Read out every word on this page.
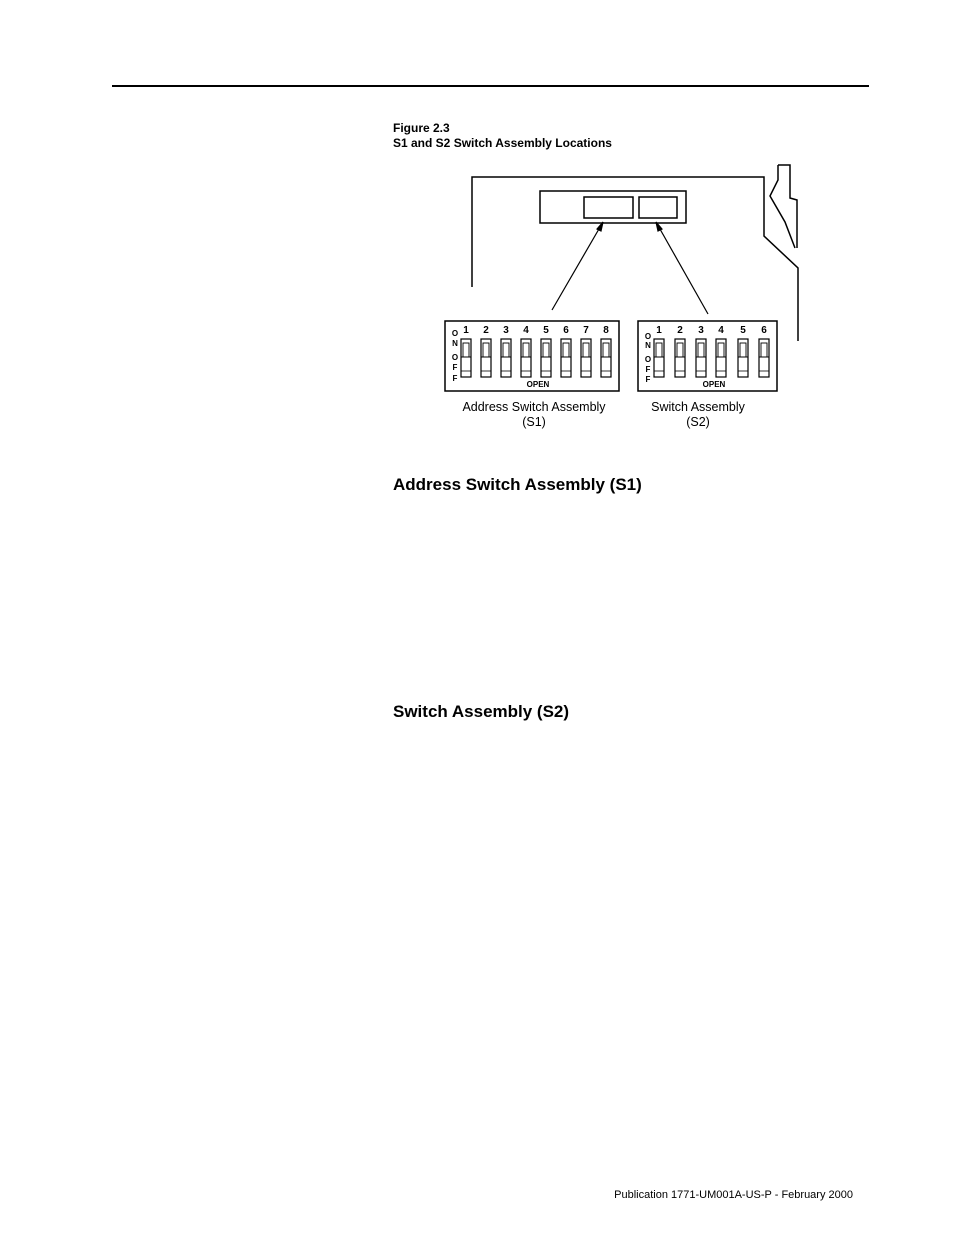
Figure 2.3
S1 and S2 Switch Assembly Locations
O
N
O
F
F
OPEN
1 2 3 4 5 6 7 8
O
N
O
F
F
OPEN
1 2 3 4 5 6
Address Switch Assembly
(S1)
Switch Assembly
(S2)
Address Switch Assembly (S1)
Switch Assembly (S2)
Publication 1771-UM001A-US-P - February 2000
